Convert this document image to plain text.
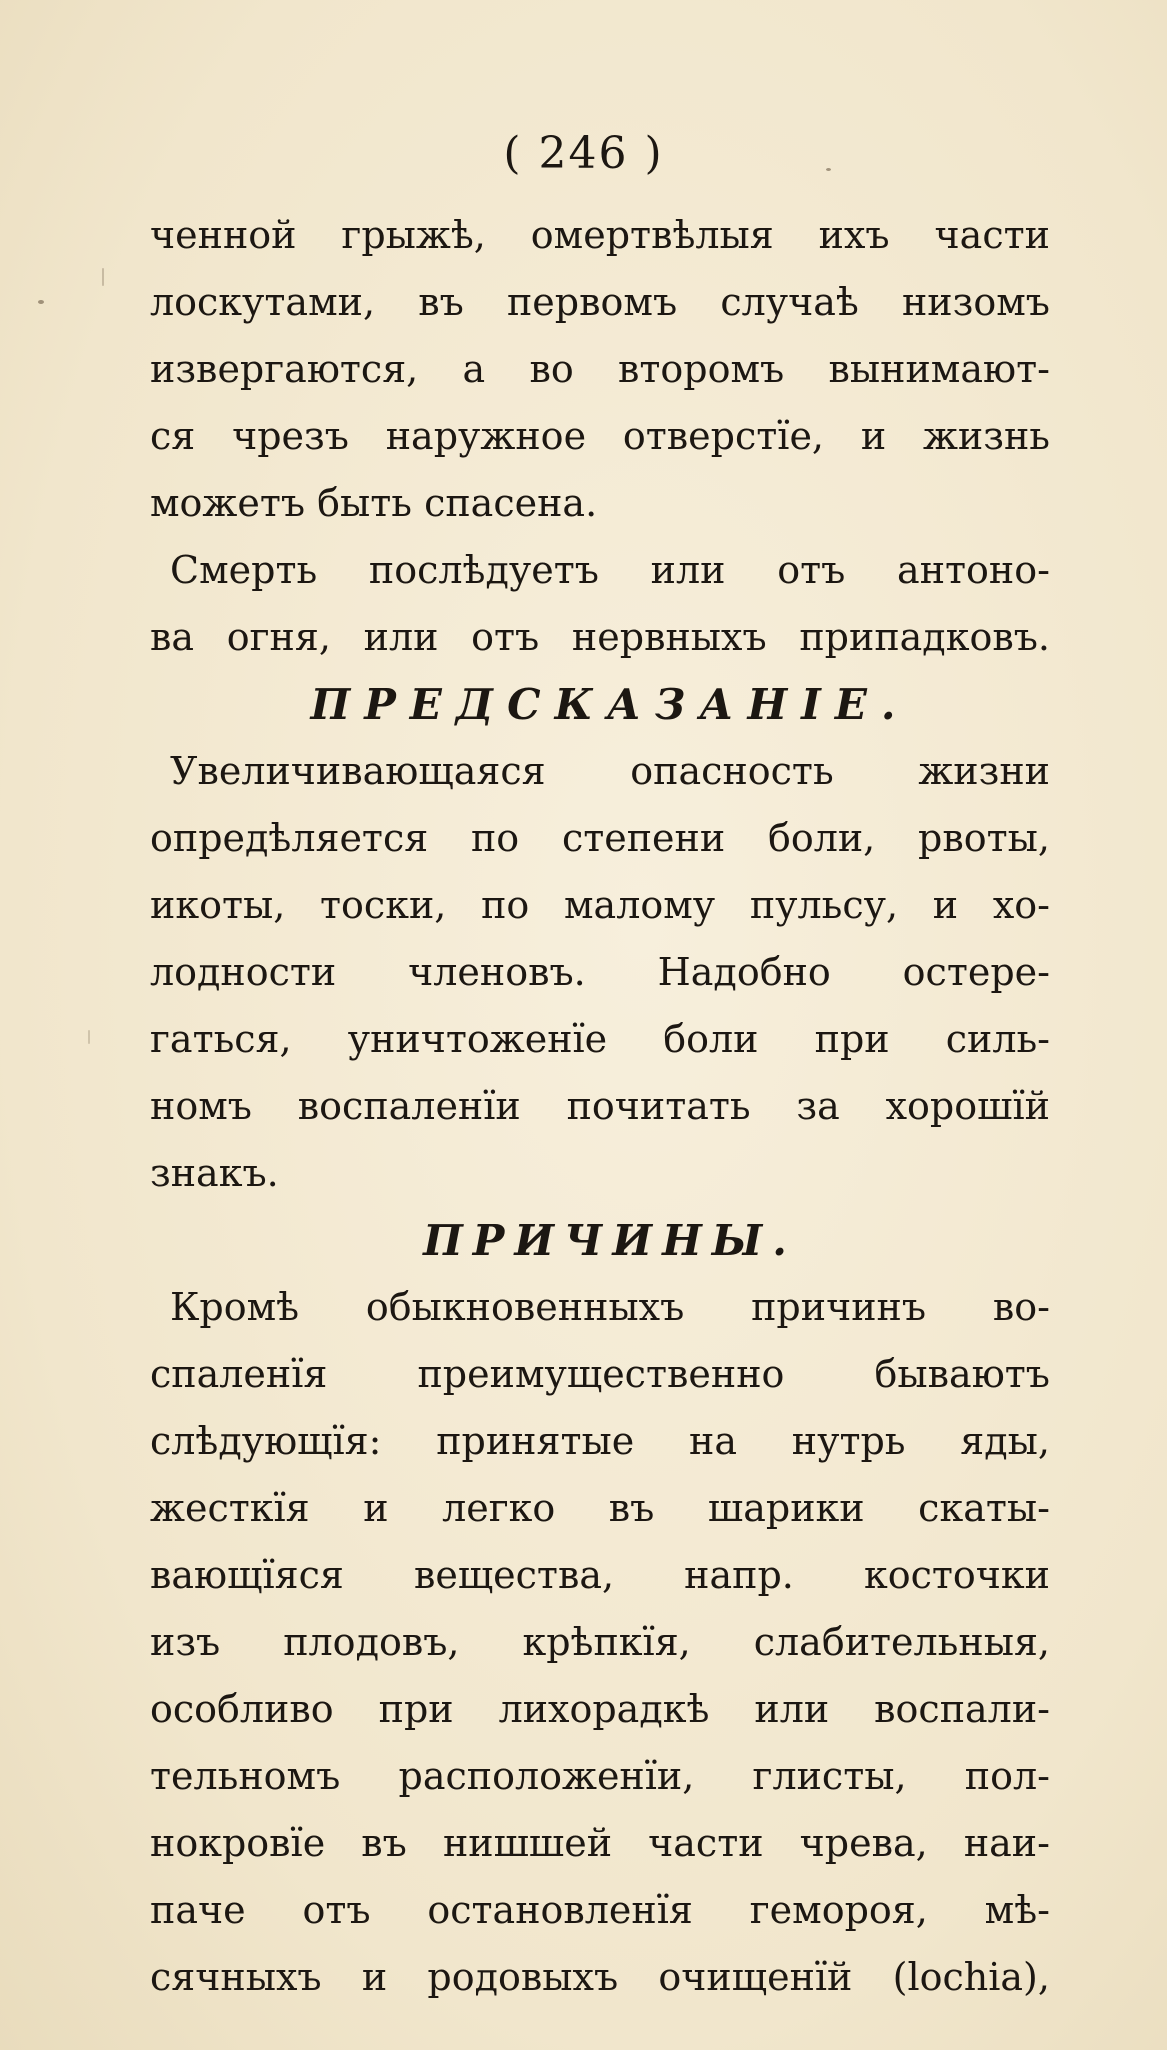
( 246 )
ченной грыжѣ, омертвѣлыя ихъ части
лоскутами, въ первомъ случаѣ низомъ
извергаются, а во второмъ вынимают-
ся чрезъ наружное отверстїе, и жизнь
можетъ быть спасена.
Смерть послѣдуетъ или отъ антоно-
ва огня, или отъ нервныхъ припадковъ.
ПРЕДСКАЗАНIЕ.
Увеличивающаяся опасность жизни
опредѣляется по степени боли, рвоты,
икоты, тоски, по малому пульсу, и хо-
лодности членовъ. Надобно остере-
гаться, уничтоженїе боли при силь-
номъ воспаленїи почитать за хорошїй
знакъ.
ПРИЧИНЫ.
Кромѣ обыкновенныхъ причинъ во-
спаленїя преимущественно бываютъ
слѣдующїя: принятые на нутрь яды,
жесткїя и легко въ шарики скаты-
вающїяся вещества, напр. косточки
изъ плодовъ, крѣпкїя, слабительныя,
особливо при лихорадкѣ или воспали-
тельномъ расположенїи, глисты, пол-
нокровїе въ нишшей части чрева, наи-
паче отъ остановленїя гемороя, мѣ-
сячныхъ и родовыхъ очищенїй (lochia),
